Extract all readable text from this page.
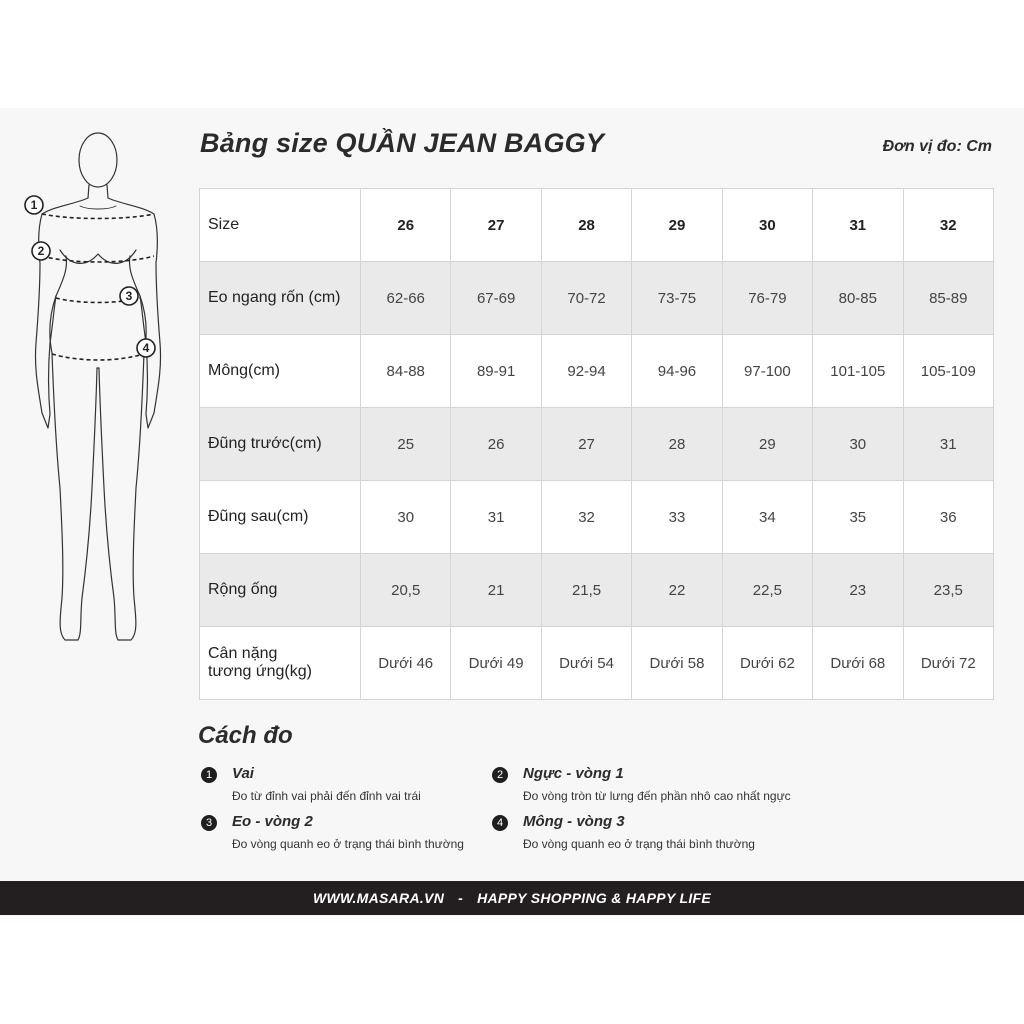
1
2
3
4
Bảng size QUẦN JEAN BAGGY	Đơn vị đo: Cm
Size	26	27	28	29	30	31	32
Eo ngang rốn (cm)	62-66	67-69	70-72	73-75	76-79	80-85	85-89
Mông(cm)	84-88	89-91	92-94	94-96	97-100	101-105	105-109
Đũng trước(cm)	25	26	27	28	29	30	31
Đũng sau(cm)	30	31	32	33	34	35	36
Rộng ống	20,5	21	21,5	22	22,5	23	23,5
Cân nặng
tương ứng(kg)	Dưới 46	Dưới 49	Dưới 54	Dưới 58	Dưới 62	Dưới 68	Dưới 72
Cách đo
1	Vai
Đo từ đỉnh vai phải đến đỉnh vai trái
2	Ngực - vòng 1
Đo vòng tròn từ lưng đến phần nhô cao nhất ngực
3	Eo - vòng 2
Đo vòng quanh eo ở trạng thái bình thường
4	Mông - vòng 3
Đo vòng quanh eo ở trạng thái bình thường
WWW.MASARA.VN - HAPPY SHOPPING & HAPPY LIFE
